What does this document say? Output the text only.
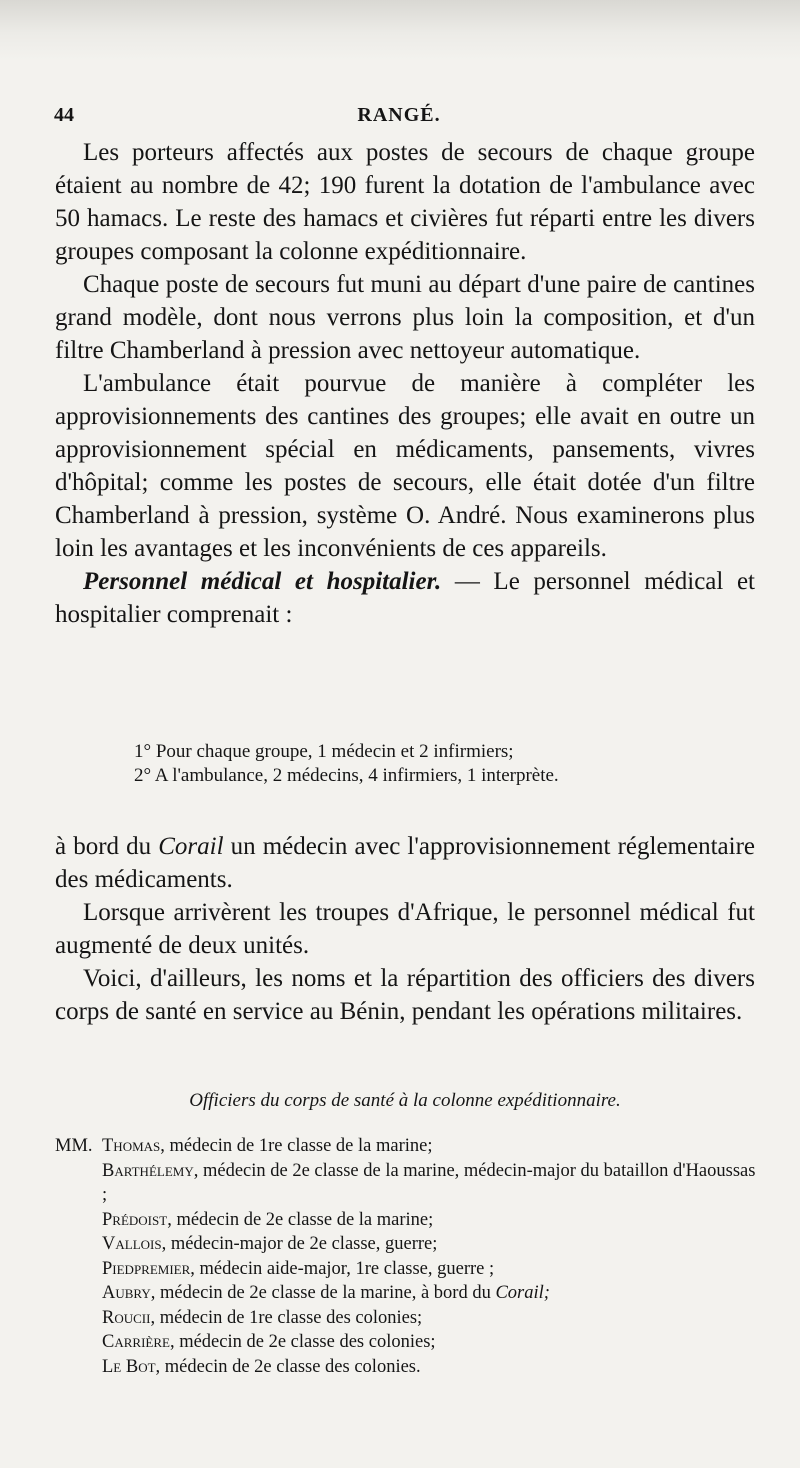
44	RANGÉ.

Les porteurs affectés aux postes de secours de chaque groupe étaient au nombre de 42; 190 furent la dotation de l'ambulance avec 50 hamacs. Le reste des hamacs et civières fut réparti entre les divers groupes composant la colonne expéditionnaire.

Chaque poste de secours fut muni au départ d'une paire de cantines grand modèle, dont nous verrons plus loin la composition, et d'un filtre Chamberland à pression avec nettoyeur automatique.

L'ambulance était pourvue de manière à compléter les approvisionnements des cantines des groupes; elle avait en outre un approvisionnement spécial en médicaments, pansements, vivres d'hôpital; comme les postes de secours, elle était dotée d'un filtre Chamberland à pression, système O. André. Nous examinerons plus loin les avantages et les inconvénients de ces appareils.

Personnel médical et hospitalier. — Le personnel médical et hospitalier comprenait :

1° Pour chaque groupe, 1 médecin et 2 infirmiers;
2° A l'ambulance, 2 médecins, 4 infirmiers, 1 interprète.

à bord du Corail un médecin avec l'approvisionnement réglementaire des médicaments.

Lorsque arrivèrent les troupes d'Afrique, le personnel médical fut augmenté de deux unités.

Voici, d'ailleurs, les noms et la répartition des officiers des divers corps de santé en service au Bénin, pendant les opérations militaires.

Officiers du corps de santé à la colonne expéditionnaire.
MM. Thomas, médecin de 1re classe de la marine;
Barthélemy, médecin de 2e classe de la marine, médecin-major du bataillon d'Haoussas ;
Prédoist, médecin de 2e classe de la marine;
Vallois, médecin-major de 2e classe, guerre;
Piedpremier, médecin aide-major, 1re classe, guerre ;
Aubry, médecin de 2e classe de la marine, à bord du Corail;
Roucii, médecin de 1re classe des colonies;
Carrière, médecin de 2e classe des colonies;
Le Bot, médecin de 2e classe des colonies.
